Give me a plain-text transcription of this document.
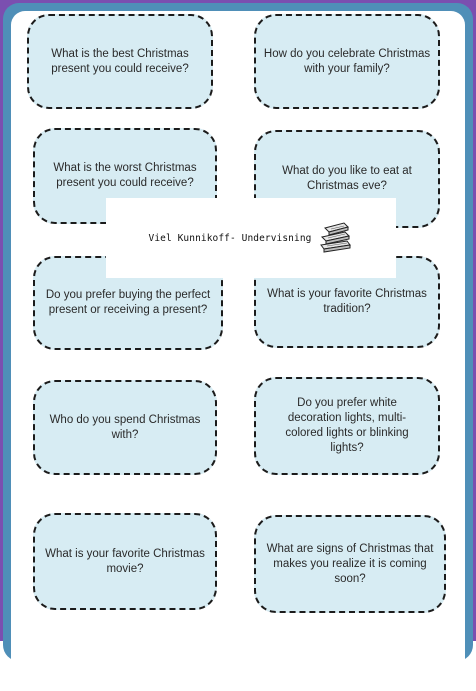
What is the best Christmas present you could receive?
How do you celebrate Christmas with your family?
What is the worst Christmas present you could receive?
What do you like to eat at Christmas eve?
Do you prefer buying the perfect present or receiving a present?
What is your favorite Christmas tradition?
Who do you spend Christmas with?
Do you prefer white decoration lights, multi-colored lights or blinking lights?
What is your favorite Christmas movie?
What are signs of Christmas that makes you realize it is coming soon?
Viel Kunnikoff- Undervisning
